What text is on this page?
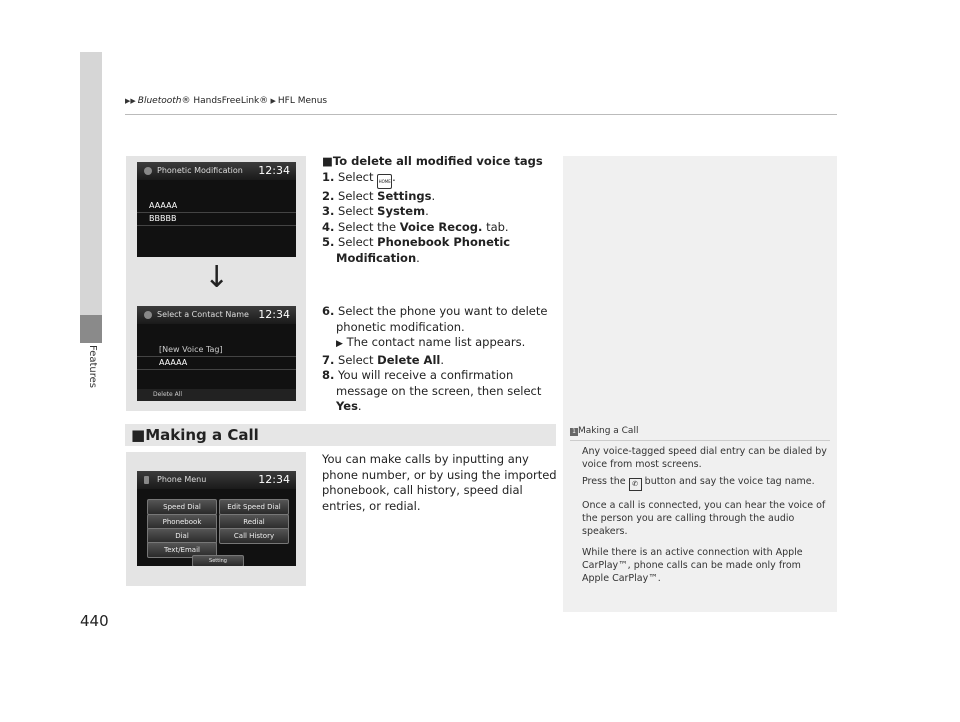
Features
▶▶ Bluetooth® HandsFreeLink® ▶ HFL Menus
Phonetic Modification 12:34
AAAAA
BBBBB
↓
Select a Contact Name 12:34
[New Voice Tag]
AAAAA
Delete All
■To delete all modified voice tags
1. Select HOME.
2. Select Settings.
3. Select System.
4. Select the Voice Recog. tab.
5. Select Phonebook Phonetic Modification.
6. Select the phone you want to delete phonetic modification.
▶ The contact name list appears.
7. Select Delete All.
8. You will receive a confirmation message on the screen, then select Yes.
■Making a Call
Phone Menu	12:34
Speed Dial	Edit Speed Dial
Phonebook	Redial
Dial	Call History
Text/Email
Setting
You can make calls by inputting any phone number, or by using the imported phonebook, call history, speed dial entries, or redial.
1 Making a Call
Any voice-tagged speed dial entry can be dialed by voice from most screens.
Press the ✆ button and say the voice tag name.
Once a call is connected, you can hear the voice of the person you are calling through the audio speakers.
While there is an active connection with Apple CarPlay™, phone calls can be made only from Apple CarPlay™.
440
